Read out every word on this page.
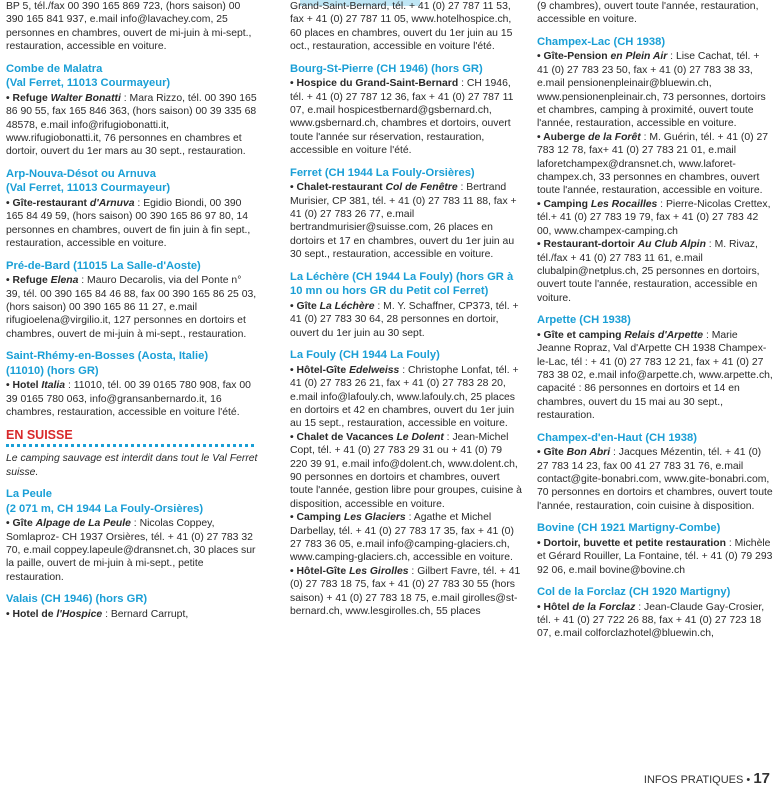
BP 5, tél./fax 00 390 165 869 723, (hors saison) 00 390 165 841 937, e.mail info@lavachey.com, 25 personnes en chambres, ouvert de mi-juin à mi-sept., restauration, accessible en voiture.

Combe de Malatra
(Val Ferret, 11013 Courmayeur)

• Refuge Walter Bonatti : Mara Rizzo, tél. 00 390 165 86 90 55, fax 165 846 363, (hors saison) 00 39 335 68 48578, e.mail info@rifugiobonatti.it, www.rifugiobonatti.it, 76 personnes en chambres et dortoir, ouvert du 1er mars au 30 sept., restauration.

Arp-Nouva-Désot ou Arnuva
(Val Ferret, 11013 Courmayeur)

• Gîte-restaurant d'Arnuva : Egidio Biondi, 00 390 165 84 49 59, (hors saison) 00 390 165 86 97 80, 14 personnes en chambres, ouvert de fin juin à fin sept., restauration, accessible en voiture.

Pré-de-Bard (11015 La Salle-d'Aoste)

• Refuge Elena : Mauro Decarolis, via del Ponte n° 39, tél. 00 390 165 84 46 88, fax 00 390 165 86 25 03, (hors saison) 00 390 165 86 11 27, e.mail rifugioelena@virgilio.it, 127 personnes en dortoirs et chambres, ouvert de mi-juin à mi-sept., restauration.

Saint-Rhémy-en-Bosses (Aosta, Italie)
(11010) (hors GR)

• Hotel Italia : 11010, tél. 00 39 0165 780 908, fax 00 39 0165 780 063, info@gransanbernardo.it, 16 chambres, restauration, accessible en voiture l'été.

EN SUISSE

Le camping sauvage est interdit dans tout le Val Ferret suisse.

La Peule
(2 071 m, CH 1944 La Fouly-Orsières)

• Gîte Alpage de La Peule : Nicolas Coppey, Somlaproz- CH 1937 Orsières, tél. + 41 (0) 27 783 32 70, e.mail coppey.lapeule@dransnet.ch, 30 places sur la paille, ouvert de mi-juin à mi-sept., petite restauration.

Valais (CH 1946) (hors GR)

• Hotel de l'Hospice : Bernard Carrupt,

Grand-Saint-Bernard, tél. + 41 (0) 27 787 11 53, fax + 41 (0) 27 787 11 05, www.hotelhospice.ch, 60 places en chambres, ouvert du 1er juin au 15 oct., restauration, accessible en voiture l'été.

Bourg-St-Pierre (CH 1946) (hors GR)

• Hospice du Grand-Saint-Bernard : CH 1946, tél. + 41 (0) 27 787 12 36, fax + 41 (0) 27 787 11 07, e.mail hospicestbernard@gsbernard.ch, www.gsbernard.ch, chambres et dortoirs, ouvert toute l'année sur réservation, restauration, accessible en voiture l'été.

Ferret (CH 1944 La Fouly-Orsières)

• Chalet-restaurant Col de Fenêtre : Bertrand Murisier, CP 381, tél. + 41 (0) 27 783 11 88, fax + 41 (0) 27 783 26 77, e.mail bertrandmurisier@suisse.com, 26 places en dortoirs et 17 en chambres, ouvert du 1er juin au 30 sept., restauration, accessible en voiture.

La Léchère (CH 1944 La Fouly) (hors GR à
10 mn ou hors GR du Petit col Ferret)

• Gîte La Léchère : M. Y. Schaffner, CP373, tél. + 41 (0) 27 783 30 64, 28 personnes en dortoir, ouvert du 1er juin au 30 sept.

La Fouly (CH 1944 La Fouly)

• Hôtel-Gîte Edelweiss : Christophe Lonfat, tél. + 41 (0) 27 783 26 21, fax + 41 (0) 27 783 28 20, e.mail info@lafouly.ch, www.lafouly.ch, 25 places en dortoirs et 42 en chambres, ouvert du 1er juin au 15 sept., restauration, accessible en voiture.

• Chalet de Vacances Le Dolent : Jean-Michel Copt, tél. + 41 (0) 27 783 29 31 ou + 41 (0) 79 220 39 91, e.mail info@dolent.ch, www.dolent.ch, 90 personnes en dortoirs et chambres, ouvert toute l'année, gestion libre pour groupes, cuisine à disposition, accessible en voiture.

• Camping Les Glaciers : Agathe et Michel Darbellay, tél. + 41 (0) 27 783 17 35, fax + 41 (0) 27 783 36 05, e.mail info@camping-glaciers.ch, www.camping-glaciers.ch, accessible en voiture.

• Hôtel-Gîte Les Girolles : Gilbert Favre, tél. + 41 (0) 27 783 18 75, fax + 41 (0) 27 783 30 55 (hors saison) + 41 (0) 27 783 18 75, e.mail girolles@st-bernard.ch, www.lesgirolles.ch, 55 places

(9 chambres), ouvert toute l'année, restauration, accessible en voiture.

Champex-Lac (CH 1938)

• Gîte-Pension en Plein Air : Lise Cachat, tél. + 41 (0) 27 783 23 50, fax + 41 (0) 27 783 38 33, e.mail pensionenpleinair@bluewin.ch, www.pensionenpleinair.ch, 73 personnes, dortoirs et chambres, camping à proximité, ouvert toute l'année, restauration, accessible en voiture.

• Auberge de la Forêt : M. Guérin, tél. + 41 (0) 27 783 12 78, fax+ 41 (0) 27 783 21 01, e.mail laforetchampex@dransnet.ch, www.laforet-champex.ch, 33 personnes en chambres, ouvert toute l'année, restauration, accessible en voiture.

• Camping Les Rocailles : Pierre-Nicolas Crettex, tél.+ 41 (0) 27 783 19 79, fax + 41 (0) 27 783 42 00, www.champex-camping.ch

• Restaurant-dortoir Au Club Alpin : M. Rivaz, tél./fax + 41 (0) 27 783 11 61, e.mail clubalpin@netplus.ch, 25 personnes en dortoirs, ouvert toute l'année, restauration, accessible en voiture.

Arpette (CH 1938)

• Gîte et camping Relais d'Arpette : Marie Jeanne Ropraz, Val d'Arpette CH 1938 Champex-le-Lac, tél : + 41 (0) 27 783 12 21, fax + 41 (0) 27 783 38 02, e.mail info@arpette.ch, www.arpette.ch, capacité : 86 personnes en dortoirs et 14 en chambres, ouvert du 15 mai au 30 sept., restauration.

Champex-d'en-Haut (CH 1938)

• Gîte Bon Abri : Jacques Mézentin, tél. + 41 (0) 27 783 14 23, fax 00 41 27 783 31 76, e.mail contact@gite-bonabri.com, www.gite-bonabri.com, 70 personnes en dortoirs et chambres, ouvert toute l'année, restauration, coin cuisine à disposition.

Bovine (CH 1921 Martigny-Combe)

• Dortoir, buvette et petite restauration : Michèle et Gérard Rouiller, La Fontaine, tél. + 41 (0) 79 293 92 06, e.mail bovine@bovine.ch

Col de la Forclaz (CH 1920 Martigny)

• Hôtel de la Forclaz : Jean-Claude Gay-Crosier, tél. + 41 (0) 27 722 26 88, fax + 41 (0) 27 723 18 07, e.mail colforclazhotel@bluewin.ch,

INFOS PRATIQUES • 17
